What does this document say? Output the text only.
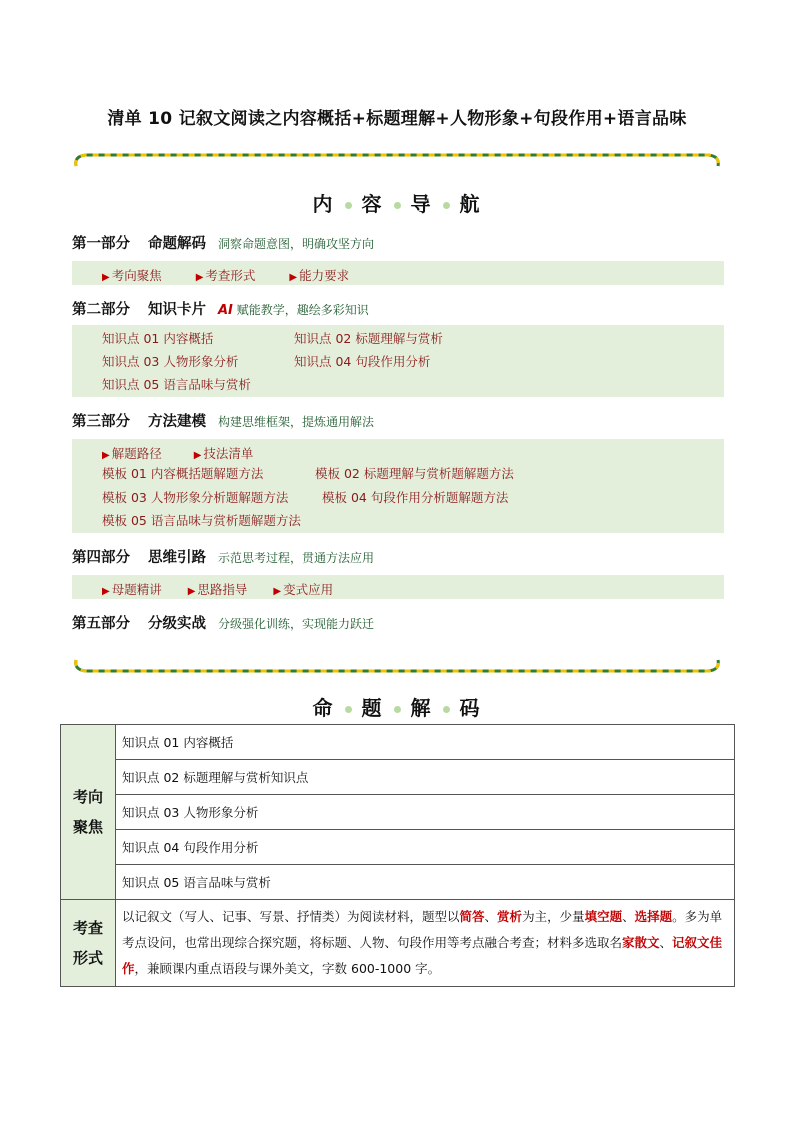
清单 10 记叙文阅读之内容概括+标题理解+人物形象+句段作用+语言品味
内 容 导 航
第一部分 命题解码 洞察命题意图，明确攻坚方向
▶ 考向聚焦	▶ 考查形式	▶ 能力要求
第二部分 知识卡片 AI 赋能教学，趣绘多彩知识
知识点 01 内容概括	知识点 02 标题理解与赏析
知识点 03 人物形象分析	知识点 04 句段作用分析
知识点 05 语言品味与赏析
第三部分 方法建模 构建思维框架，提炼通用解法
▶ 解题路径	▶ 技法清单
模板 01 内容概括题解题方法	模板 02 标题理解与赏析题解题方法
模板 03 人物形象分析题解题方法	模板 04 句段作用分析题解题方法
模板 05 语言品味与赏析题解题方法
第四部分 思维引路 示范思考过程，贯通方法应用
▶ 母题精讲	▶ 思路指导	▶ 变式应用
第五部分 分级实战 分级强化训练，实现能力跃迁
命 题 解 码
考向
聚焦	知识点 01 内容概括
	知识点 02 标题理解与赏析知识点
	知识点 03 人物形象分析
	知识点 04 句段作用分析
	知识点 05 语言品味与赏析

考查
形式	以记叙文（写人、记事、写景、抒情类）为阅读材料，题型以简答、赏析为主，少量填空题、选择题。多为单考点设问，也常出现综合探究题，将标题、人物、句段作用等考点融合考查；材料多选取名家散文、记叙文佳作，兼顾课内重点语段与课外美文，字数 600-1000 字。
